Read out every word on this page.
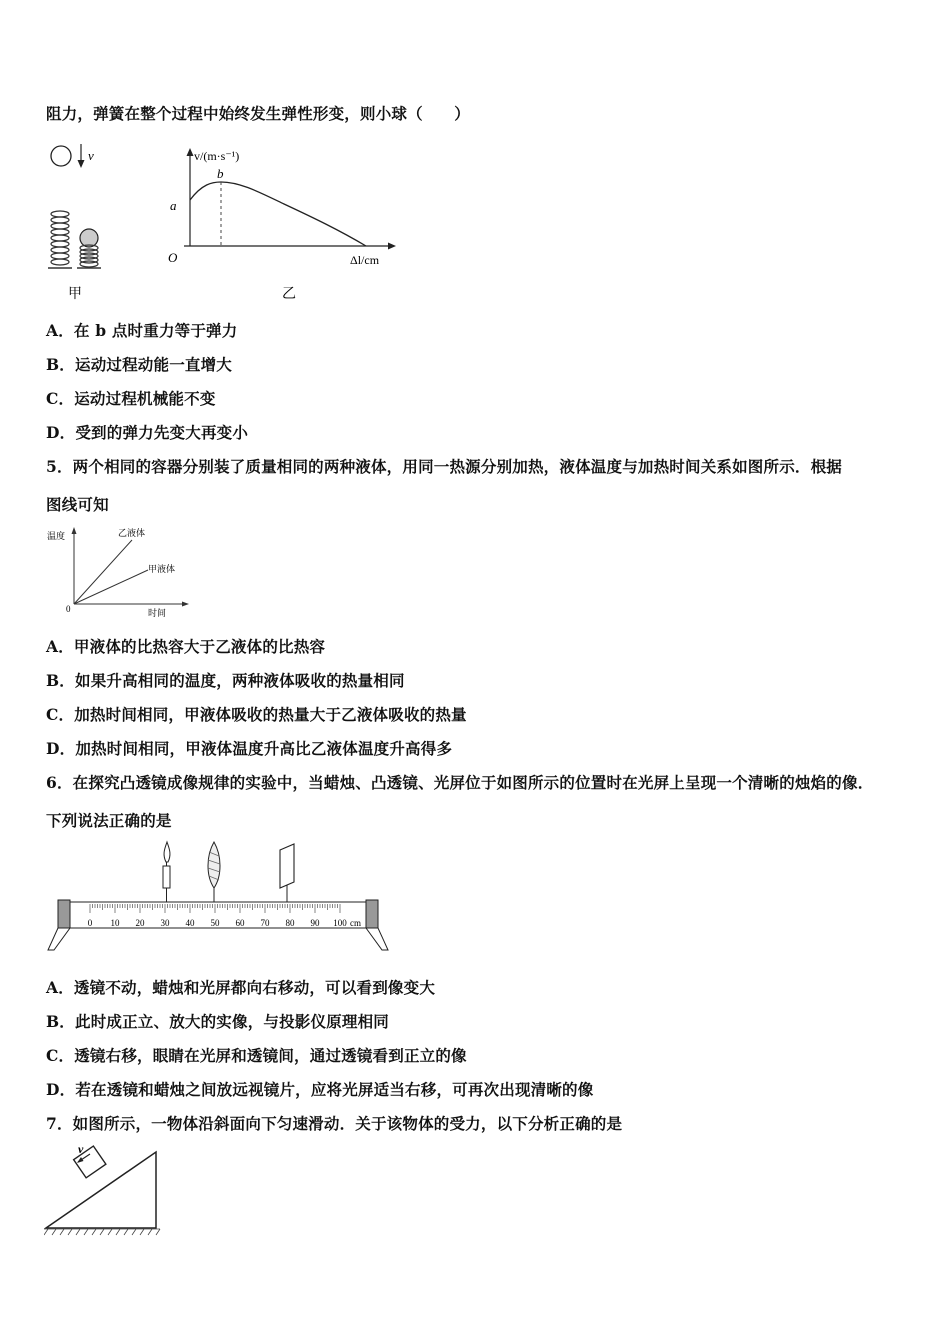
阻力，弹簧在整个过程中始终发生弹性形变，则小球（　　）
v
甲
v/(m·s⁻¹)
O	Δl/cm
a
b
乙
A．在 b 点时重力等于弹力
B．运动过程动能一直增大
C．运动过程机械能不变
D．受到的弹力先变大再变小
5．两个相同的容器分别装了质量相同的两种液体，用同一热源分别加热，液体温度与加热时间关系如图所示．根据
图线可知
温度
0	时间
乙液体
甲液体
A．甲液体的比热容大于乙液体的比热容
B．如果升高相同的温度，两种液体吸收的热量相同
C．加热时间相同，甲液体吸收的热量大于乙液体吸收的热量
D．加热时间相同，甲液体温度升高比乙液体温度升高得多
6．在探究凸透镜成像规律的实验中，当蜡烛、凸透镜、光屏位于如图所示的位置时在光屏上呈现一个清晰的烛焰的像．
下列说法正确的是
0 10 20 30 40 50 60 70 80 90 100 cm
A．透镜不动，蜡烛和光屏都向右移动，可以看到像变大
B．此时成正立、放大的实像，与投影仪原理相同
C．透镜右移，眼睛在光屏和透镜间，通过透镜看到正立的像
D．若在透镜和蜡烛之间放远视镜片，应将光屏适当右移，可再次出现清晰的像
7．如图所示，一物体沿斜面向下匀速滑动．关于该物体的受力，以下分析正确的是
v
